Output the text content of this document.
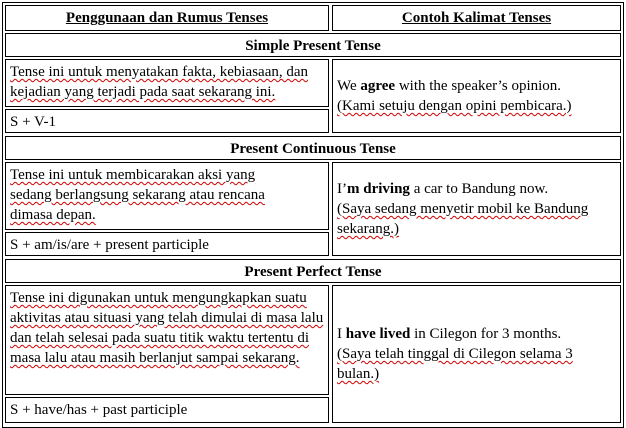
Penggunaan dan Rumus Tenses	Contoh Kalimat Tenses
Simple Present Tense
Tense ini untuk menyatakan fakta, kebiasaan, dan kejadian yang terjadi pada saat sekarang ini.
S + V-1
We agree with the speaker’s opinion.
(Kami setuju dengan opini pembicara.)
Present Continuous Tense
Tense ini untuk membicarakan aksi yang sedang berlangsung sekarang atau rencana dimasa depan.
S + am/is/are + present participle
I’m driving a car to Bandung now.
(Saya sedang menyetir mobil ke Bandung sekarang.)
Present Perfect Tense
Tense ini digunakan untuk mengungkapkan suatu aktivitas atau situasi yang telah dimulai di masa lalu dan telah selesai pada suatu titik waktu tertentu di masa lalu atau masih berlanjut sampai sekarang.
S + have/has + past participle
I have lived in Cilegon for 3 months.
(Saya telah tinggal di Cilegon selama 3 bulan.)
